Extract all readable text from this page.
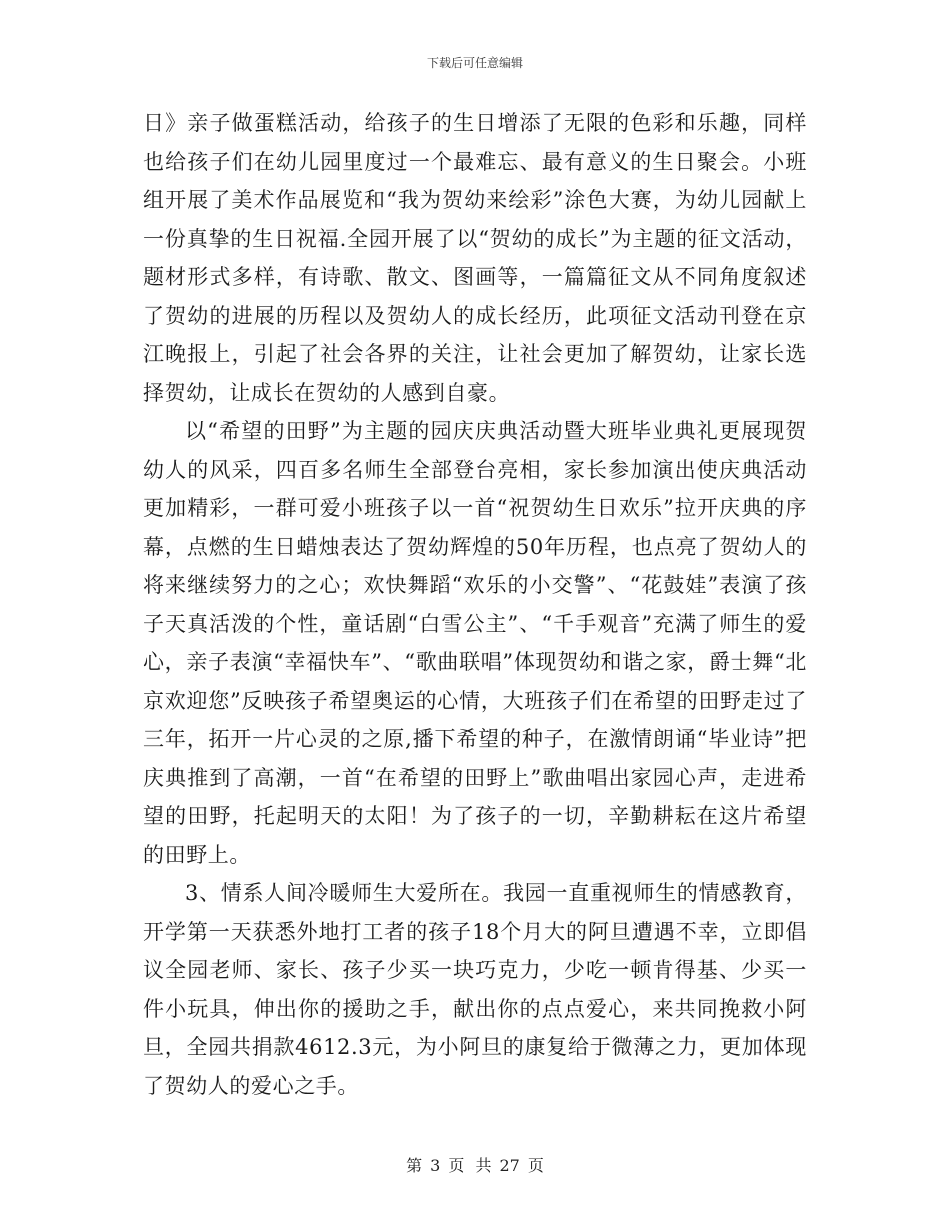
下载后可任意编辑

日》亲子做蛋糕活动，给孩子的生日增添了无限的色彩和乐趣，同样也给孩子们在幼儿园里度过一个最难忘、最有意义的生日聚会。小班组开展了美术作品展览和“我为贺幼来绘彩”涂色大赛，为幼儿园献上一份真挚的生日祝福.全园开展了以“贺幼的成长”为主题的征文活动，题材形式多样，有诗歌、散文、图画等，一篇篇征文从不同角度叙述了贺幼的进展的历程以及贺幼人的成长经历，此项征文活动刊登在京江晚报上，引起了社会各界的关注，让社会更加了解贺幼，让家长选择贺幼，让成长在贺幼的人感到自豪。

以“希望的田野”为主题的园庆庆典活动暨大班毕业典礼更展现贺幼人的风采，四百多名师生全部登台亮相，家长参加演出使庆典活动更加精彩，一群可爱小班孩子以一首“祝贺幼生日欢乐”拉开庆典的序幕，点燃的生日蜡烛表达了贺幼辉煌的50年历程，也点亮了贺幼人的将来继续努力的之心；欢快舞蹈“欢乐的小交警”、“花鼓娃”表演了孩子天真活泼的个性，童话剧“白雪公主”、“千手观音”充满了师生的爱心，亲子表演“幸福快车”、“歌曲联唱”体现贺幼和谐之家，爵士舞“北京欢迎您”反映孩子希望奥运的心情，大班孩子们在希望的田野走过了三年，拓开一片心灵的之原,播下希望的种子，在激情朗诵“毕业诗”把庆典推到了高潮，一首“在希望的田野上”歌曲唱出家园心声，走进希望的田野，托起明天的太阳！为了孩子的一切，辛勤耕耘在这片希望的田野上。

3、情系人间冷暖师生大爱所在。我园一直重视师生的情感教育，开学第一天获悉外地打工者的孩子18个月大的阿旦遭遇不幸，立即倡议全园老师、家长、孩子少买一块巧克力，少吃一顿肯得基、少买一件小玩具，伸出你的援助之手，献出你的点点爱心，来共同挽救小阿旦，全园共捐款4612.3元，为小阿旦的康复给于微薄之力，更加体现了贺幼人的爱心之手。

第 3 页 共 27 页
